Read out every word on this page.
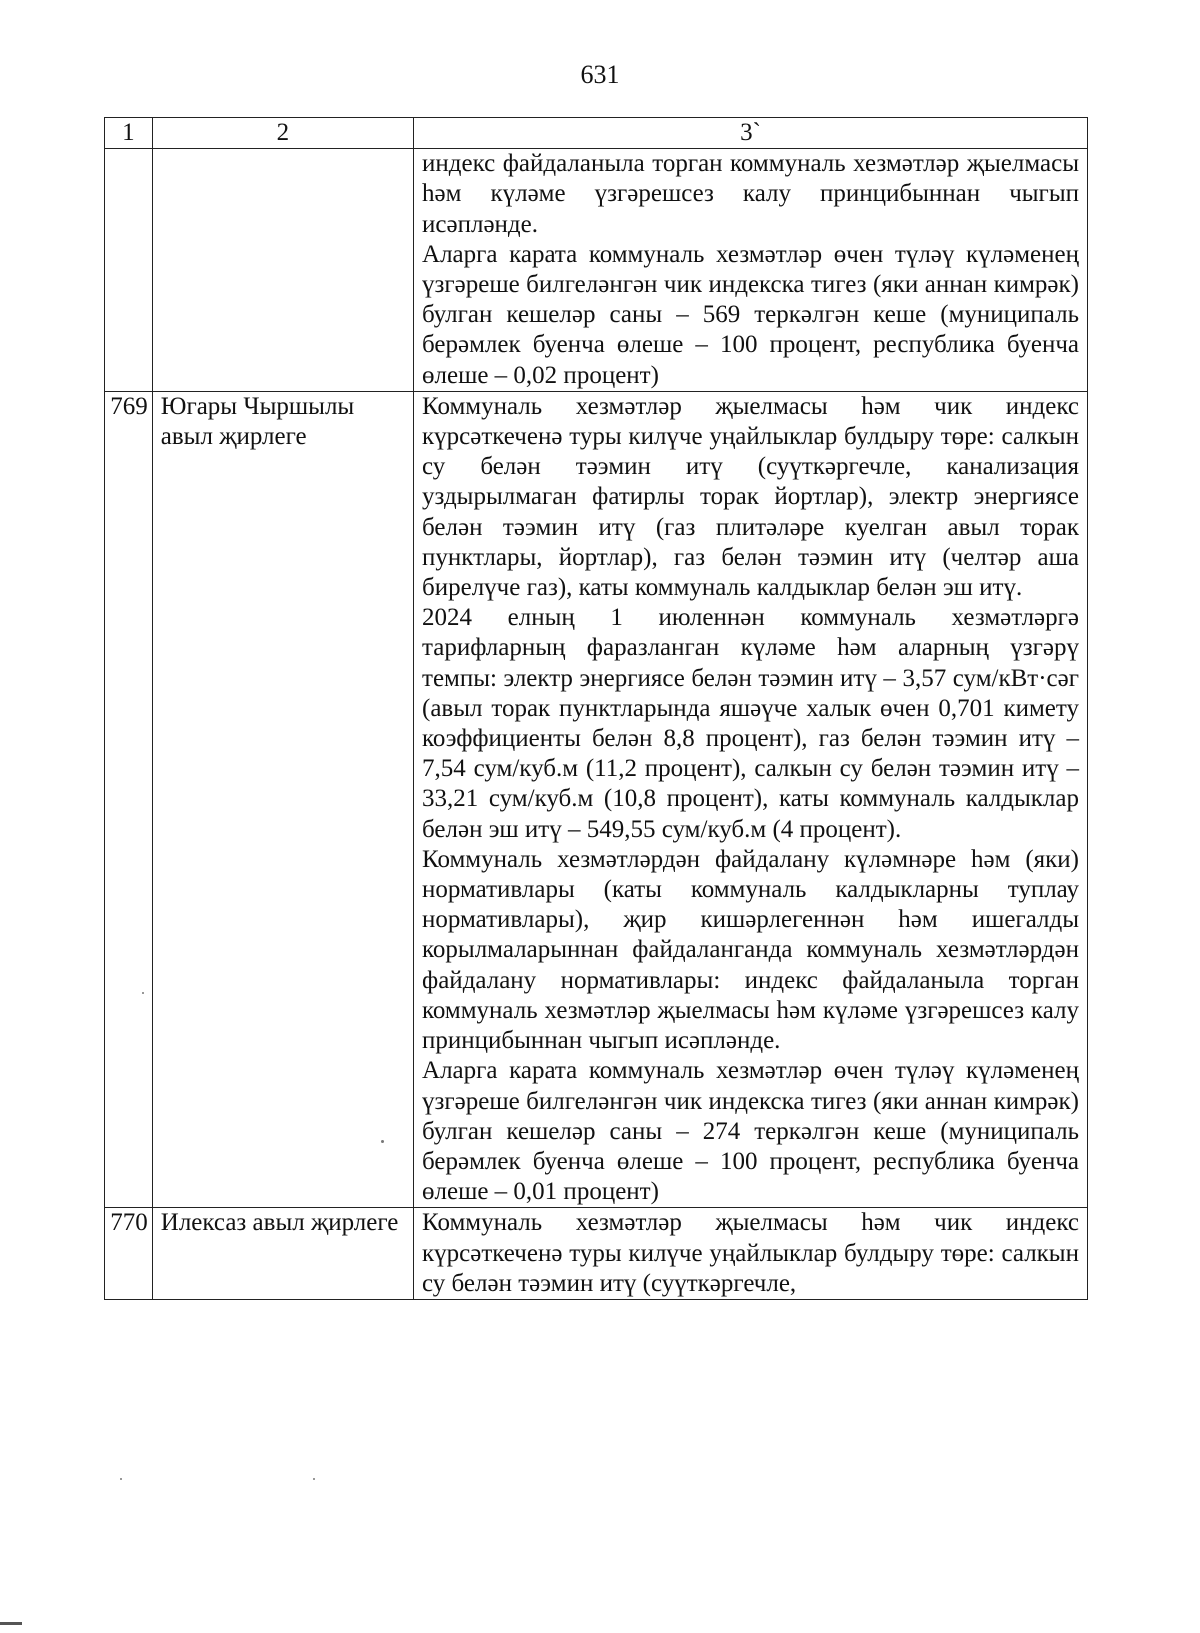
631
1	2	3`

		индекс файдаланыла торган коммуналь хезмәтләр җыелмасы һәм күләме үзгәрешсез калу принцибыннан чыгып исәпләнде.

Аларга карата коммуналь хезмәтләр өчен түләү күләменең үзгәреше билгеләнгән чик индекска тигез (яки аннан кимрәк) булган кешеләр саны – 569 теркәлгән кеше (муниципаль берәмлек буенча өлеше – 100 процент, республика буенча өлеше – 0,02 процент)

769	Югары Чыршылы авыл җирлеге	Коммуналь хезмәтләр җыелмасы һәм чик индекс күрсәткеченә туры килүче уңайлыклар булдыру төре: салкын су белән тәэмин итү (суүткәргечле, канализация уздырылмаган фатирлы торак йортлар), электр энергиясе белән тәэмин итү (газ плитәләре куелган авыл торак пунктлары, йортлар), газ белән тәэмин итү (челтәр аша бирелүче газ), каты коммуналь калдыклар белән эш итү.

2024 елның 1 июленнән коммуналь хезмәтләргә тарифларның фаразланган күләме һәм аларның үзгәрү темпы: электр энергиясе белән тәэмин итү – 3,57 сум/кВт·сәг (авыл торак пунктларында яшәүче халык өчен 0,701 кимету коэффициенты белән 8,8 процент), газ белән тәэмин итү – 7,54 сум/куб.м (11,2 процент), салкын су белән тәэмин итү – 33,21 сум/куб.м (10,8 процент), каты коммуналь калдыклар белән эш итү – 549,55 сум/куб.м (4 процент).

Коммуналь хезмәтләрдән файдалану күләмнәре һәм (яки) нормативлары (каты коммуналь калдыкларны туплау нормативлары), җир кишәрлегеннән һәм ишегалды корылмаларыннан файдаланганда коммуналь хезмәтләрдән файдалану нормативлары: индекс файдаланыла торган коммуналь хезмәтләр җыелмасы һәм күләме үзгәрешсез калу принцибыннан чыгып исәпләнде.

Аларга карата коммуналь хезмәтләр өчен түләү күләменең үзгәреше билгеләнгән чик индекска тигез (яки аннан кимрәк) булган кешеләр саны – 274 теркәлгән кеше (муниципаль берәмлек буенча өлеше – 100 процент, республика буенча өлеше – 0,01 процент)

770	Илексаз авыл җирлеге	Коммуналь хезмәтләр җыелмасы һәм чик индекс күрсәткеченә туры килүче уңайлыклар булдыру төре: салкын су белән тәэмин итү (суүткәргечле,
